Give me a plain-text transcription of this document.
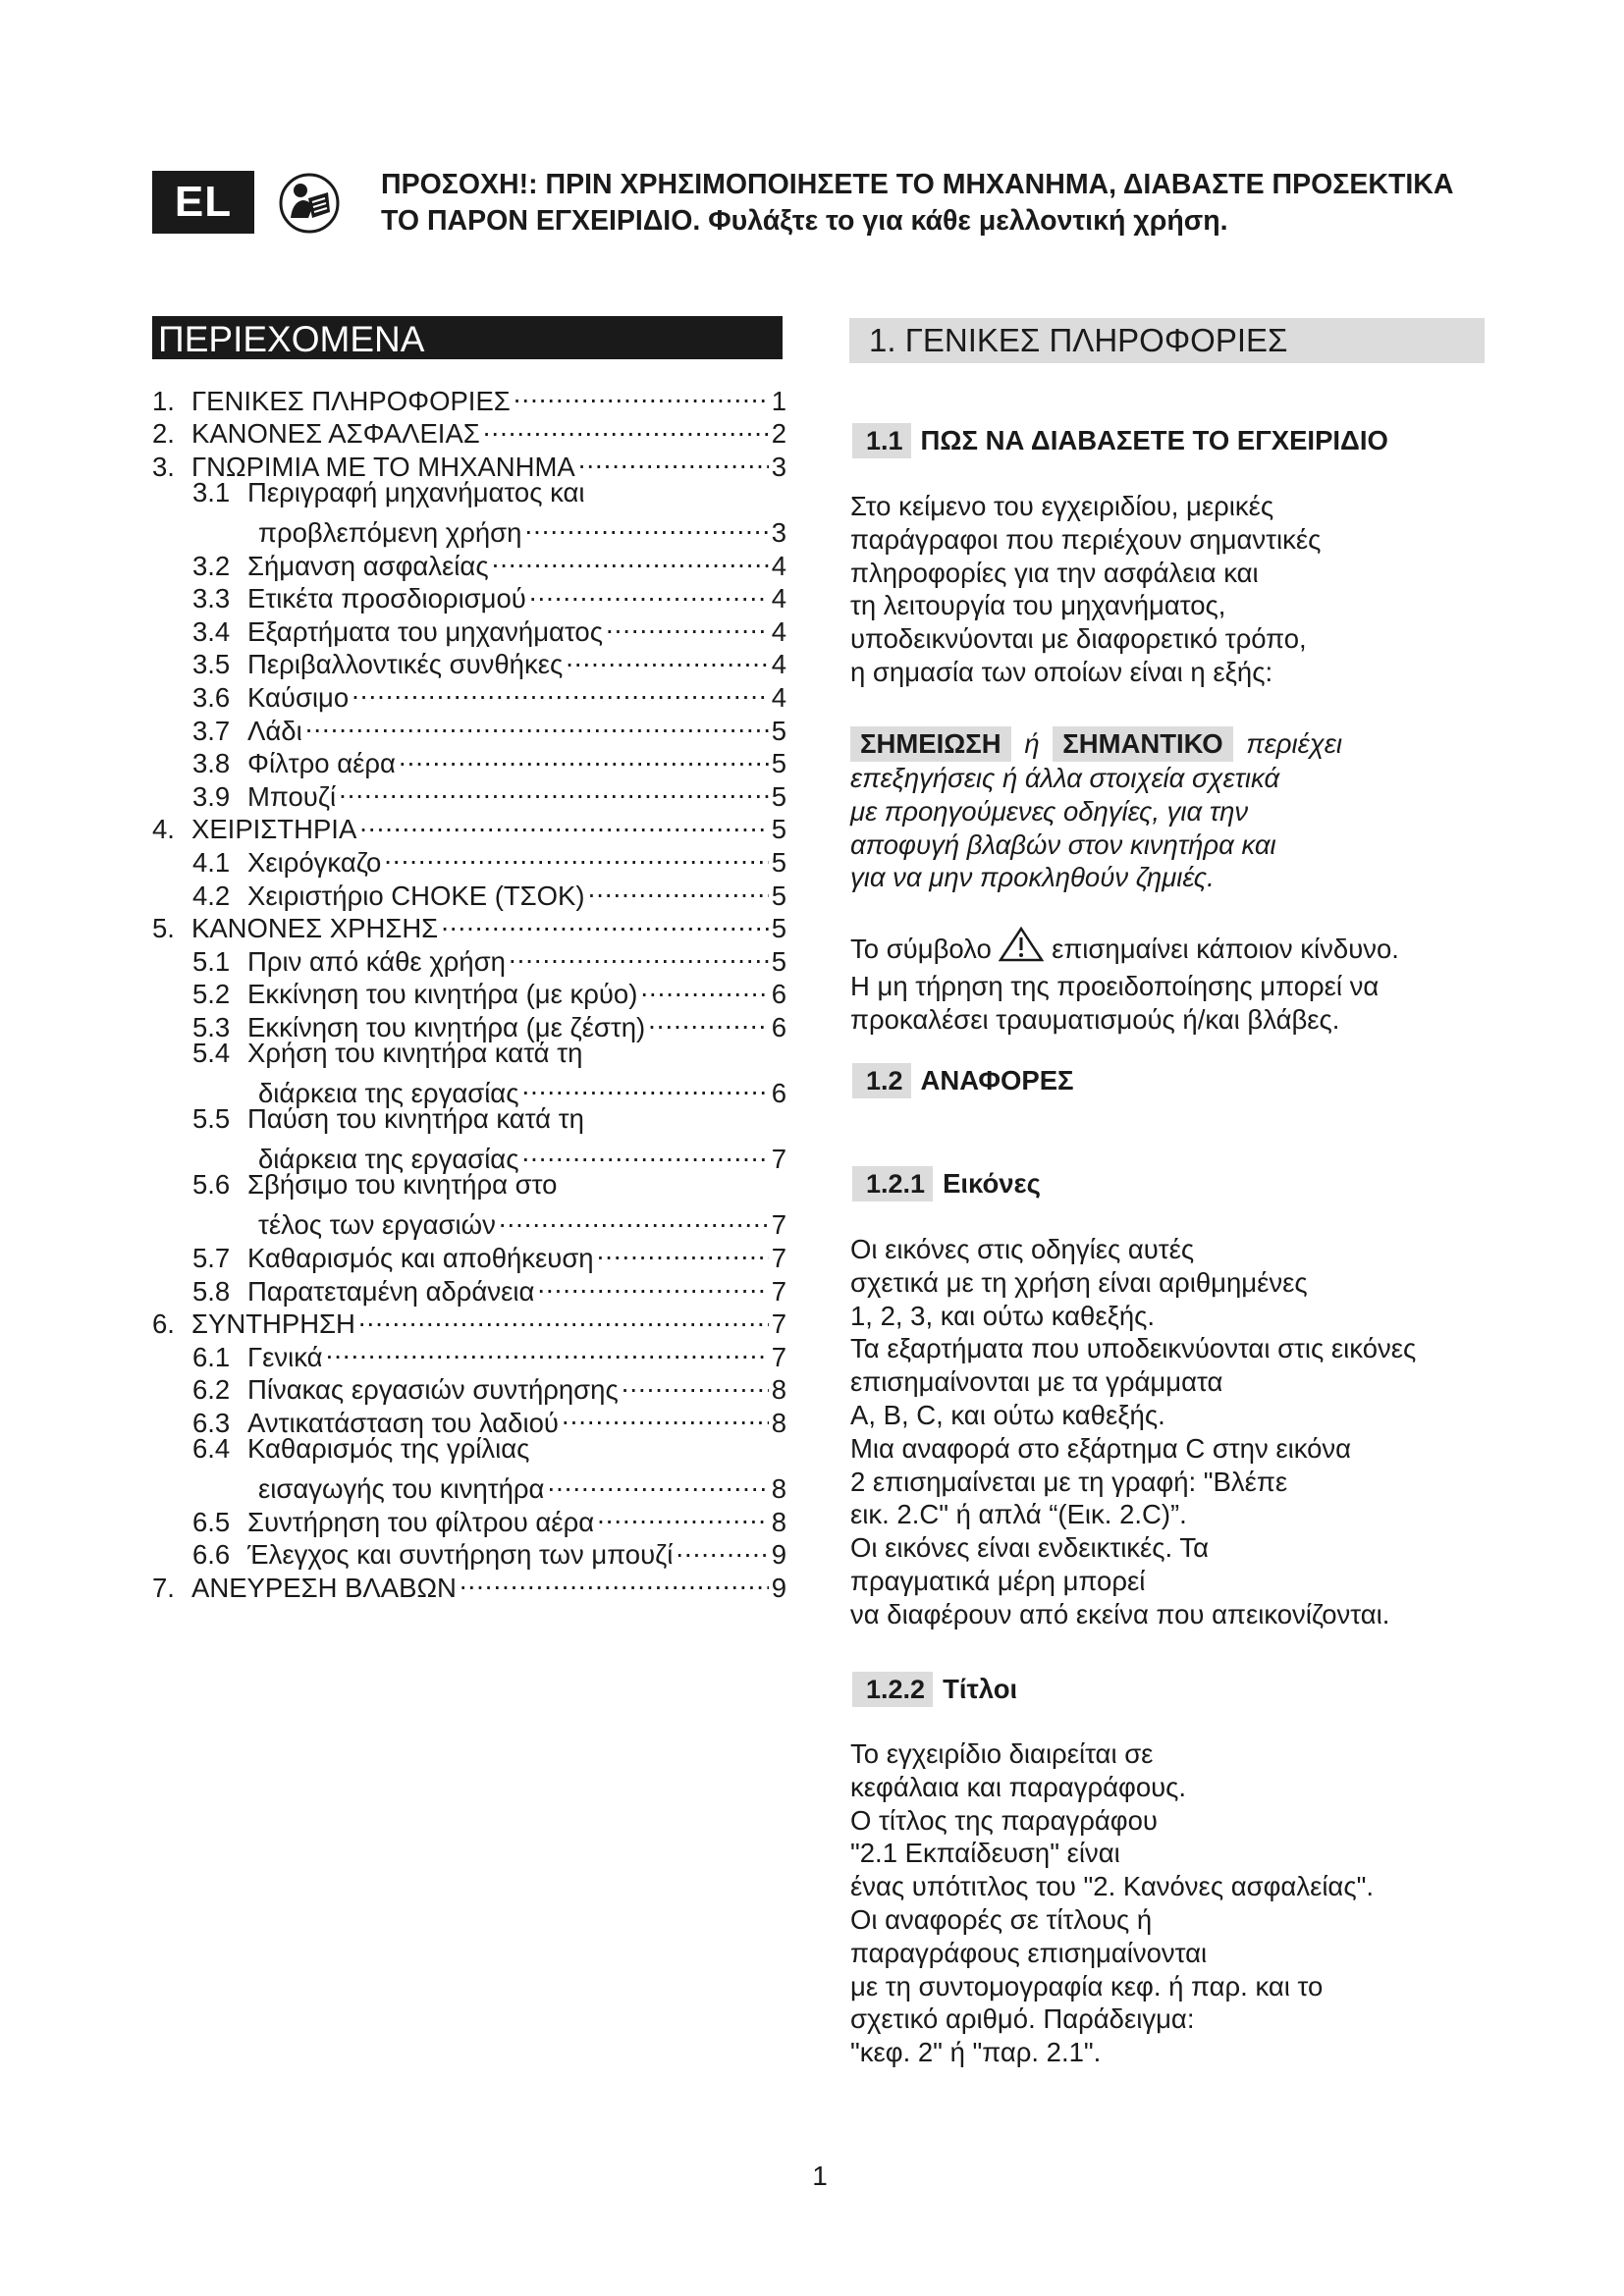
EL	ΠΡΟΣΟΧΗ!: ΠΡΙΝ ΧΡΗΣΙΜΟΠΟΙΗΣΕΤΕ ΤΟ ΜΗΧΑΝΗΜΑ, ΔΙΑΒΑΣΤΕ ΠΡΟΣΕΚΤΙΚΑ
ΤΟ ΠΑΡΟΝ ΕΓΧΕΙΡΙΔΙΟ. Φυλάξτε το για κάθε μελλοντική χρήση.
ΠΕΡΙΕΧΟΜΕΝΑ
1. ΓΕΝΙΚΕΣ ΠΛΗΡΟΦΟΡΙΕΣ .....	1
2. ΚΑΝΟΝΕΣ ΑΣΦΑΛΕΙΑΣ .....	2
3. ΓΝΩΡΙΜΙΑ ΜΕ ΤΟ ΜΗΧΑΝΗΜΑ .....	3
3.1 Περιγραφή μηχανήματος και
προβλεπόμενη χρήση .....	3
3.2 Σήμανση ασφαλείας .....	4
3.3 Ετικέτα προσδιορισμού .....	4
3.4 Εξαρτήματα του μηχανήματος .....	4
3.5 Περιβαλλοντικές συνθήκες .....	4
3.6 Καύσιμο .....	4
3.7 Λάδι .....	5
3.8 Φίλτρο αέρα .....	5
3.9 Μπουζί .....	5
4. ΧΕΙΡΙΣΤΗΡΙΑ .....	5
4.1 Χειρόγκαζο .....	5
4.2 Χειριστήριο CHOKE (ΤΣΟΚ) .....	5
5. ΚΑΝΟΝΕΣ ΧΡΗΣΗΣ .....	5
5.1 Πριν από κάθε χρήση .....	5
5.2 Εκκίνηση του κινητήρα (με κρύο) .....	6
5.3 Εκκίνηση του κινητήρα (με ζέστη) .....	6
5.4 Χρήση του κινητήρα κατά τη
διάρκεια της εργασίας .....	6
5.5 Παύση του κινητήρα κατά τη
διάρκεια της εργασίας .....	7
5.6 Σβήσιμο του κινητήρα στο
τέλος των εργασιών .....	7
5.7 Καθαρισμός και αποθήκευση .....	7
5.8 Παρατεταμένη αδράνεια .....	7
6. ΣΥΝΤΗΡΗΣΗ .....	7
6.1 Γενικά .....	7
6.2 Πίνακας εργασιών συντήρησης .....	8
6.3 Αντικατάσταση του λαδιού .....	8
6.4 Καθαρισμός της γρίλιας
εισαγωγής του κινητήρα .....	8
6.5 Συντήρηση του φίλτρου αέρα .....	8
6.6 Έλεγχος και συντήρηση των μπουζί .....	9
7. ΑΝΕΥΡΕΣΗ ΒΛΑΒΩΝ .....	9
1. ΓΕΝΙΚΕΣ ΠΛΗΡΟΦΟΡΙΕΣ
1.1 ΠΩΣ ΝΑ ΔΙΑΒΑΣΕΤΕ ΤΟ ΕΓΧΕΙΡΙΔΙΟ
Στο κείμενο του εγχειριδίου, μερικές
παράγραφοι που περιέχουν σημαντικές
πληροφορίες για την ασφάλεια και
τη λειτουργία του μηχανήματος,
υποδεικνύονται με διαφορετικό τρόπο,
η σημασία των οποίων είναι η εξής:
ΣΗΜΕΙΩΣΗ ή ΣΗΜΑΝΤΙΚΟ περιέχει
επεξηγήσεις ή άλλα στοιχεία σχετικά
με προηγούμενες οδηγίες, για την
αποφυγή βλαβών στον κινητήρα και
για να μην προκληθούν ζημιές.
Το σύμβολο επισημαίνει κάποιον κίνδυνο.
Η μη τήρηση της προειδοποίησης μπορεί να
προκαλέσει τραυματισμούς ή/και βλάβες.
1.2 ΑΝΑΦΟΡΕΣ
1.2.1 Εικόνες
Οι εικόνες στις οδηγίες αυτές
σχετικά με τη χρήση είναι αριθμημένες
1, 2, 3, και ούτω καθεξής.
Τα εξαρτήματα που υποδεικνύονται στις εικόνες
επισημαίνονται με τα γράμματα
A, B, C, και ούτω καθεξής.
Μια αναφορά στο εξάρτημα C στην εικόνα
2 επισημαίνεται με τη γραφή: "Βλέπε
εικ. 2.C" ή απλά “(Εικ. 2.C)”.
Οι εικόνες είναι ενδεικτικές. Τα
πραγματικά μέρη μπορεί
να διαφέρουν από εκείνα που απεικονίζονται.
1.2.2 Τίτλοι
Το εγχειρίδιο διαιρείται σε
κεφάλαια και παραγράφους.
Ο τίτλος της παραγράφου
"2.1 Εκπαίδευση" είναι
ένας υπότιτλος του "2. Κανόνες ασφαλείας".
Οι αναφορές σε τίτλους ή
παραγράφους επισημαίνονται
με τη συντομογραφία κεφ. ή παρ. και το
σχετικό αριθμό. Παράδειγμα:
"κεφ. 2" ή "παρ. 2.1".
1
